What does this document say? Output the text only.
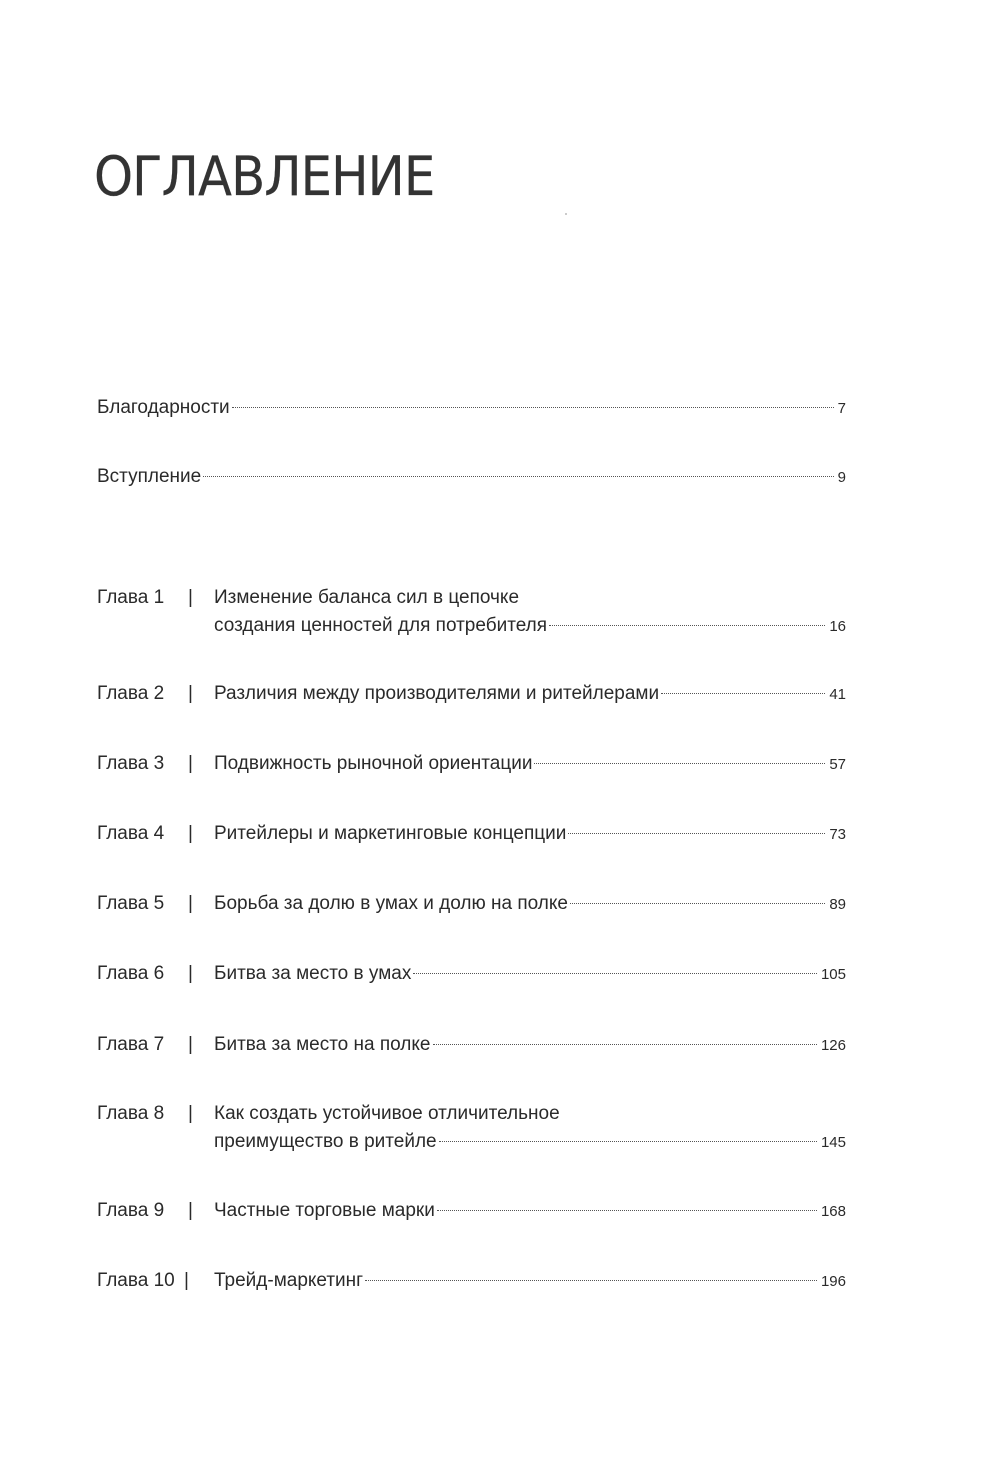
ОГЛАВЛЕНИЕ
Благодарности	7
Вступление	9
Глава 1 | Изменение баланса сил в цепочке
создания ценностей для потребителя	16
Глава 2 | Различия между производителями и ритейлерами	41
Глава 3 | Подвижность рыночной ориентации	57
Глава 4 | Ритейлеры и маркетинговые концепции	73
Глава 5 | Борьба за долю в умах и долю на полке	89
Глава 6 | Битва за место в умах	105
Глава 7 | Битва за место на полке	126
Глава 8 | Как создать устойчивое отличительное
преимущество в ритейле	145
Глава 9 | Частные торговые марки	168
Глава 10 | Трейд-маркетинг	196
